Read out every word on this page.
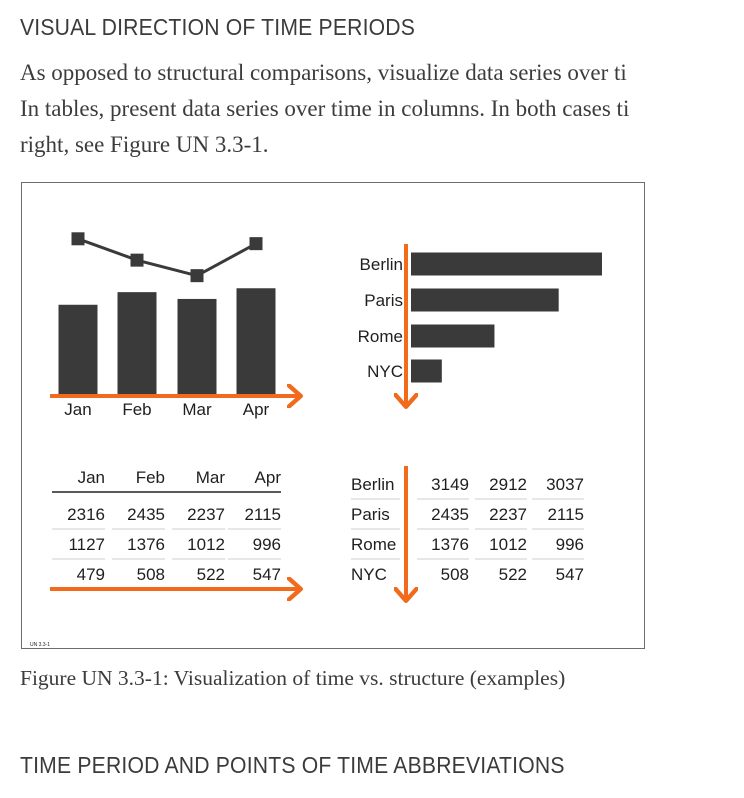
VISUAL DIRECTION OF TIME PERIODS
As opposed to structural comparisons, visualize data series over ti
In tables, present data series over time in columns. In both cases ti
right, see Figure UN 3.3-1.
Jan Feb Mar Apr
Berlin
Paris
Rome
NYC
Jan Feb Mar Apr
2316 2435 2237 2115
1127 1376 1012 996
479 508 522 547
Berlin 3149 2912 3037
Paris 2435 2237 2115
Rome 1376 1012 996
NYC	508 522 547
UN 3.3-1
Figure UN 3.3-1: Visualization of time vs. structure (examples)
TIME PERIOD AND POINTS OF TIME ABBREVIATIONS
